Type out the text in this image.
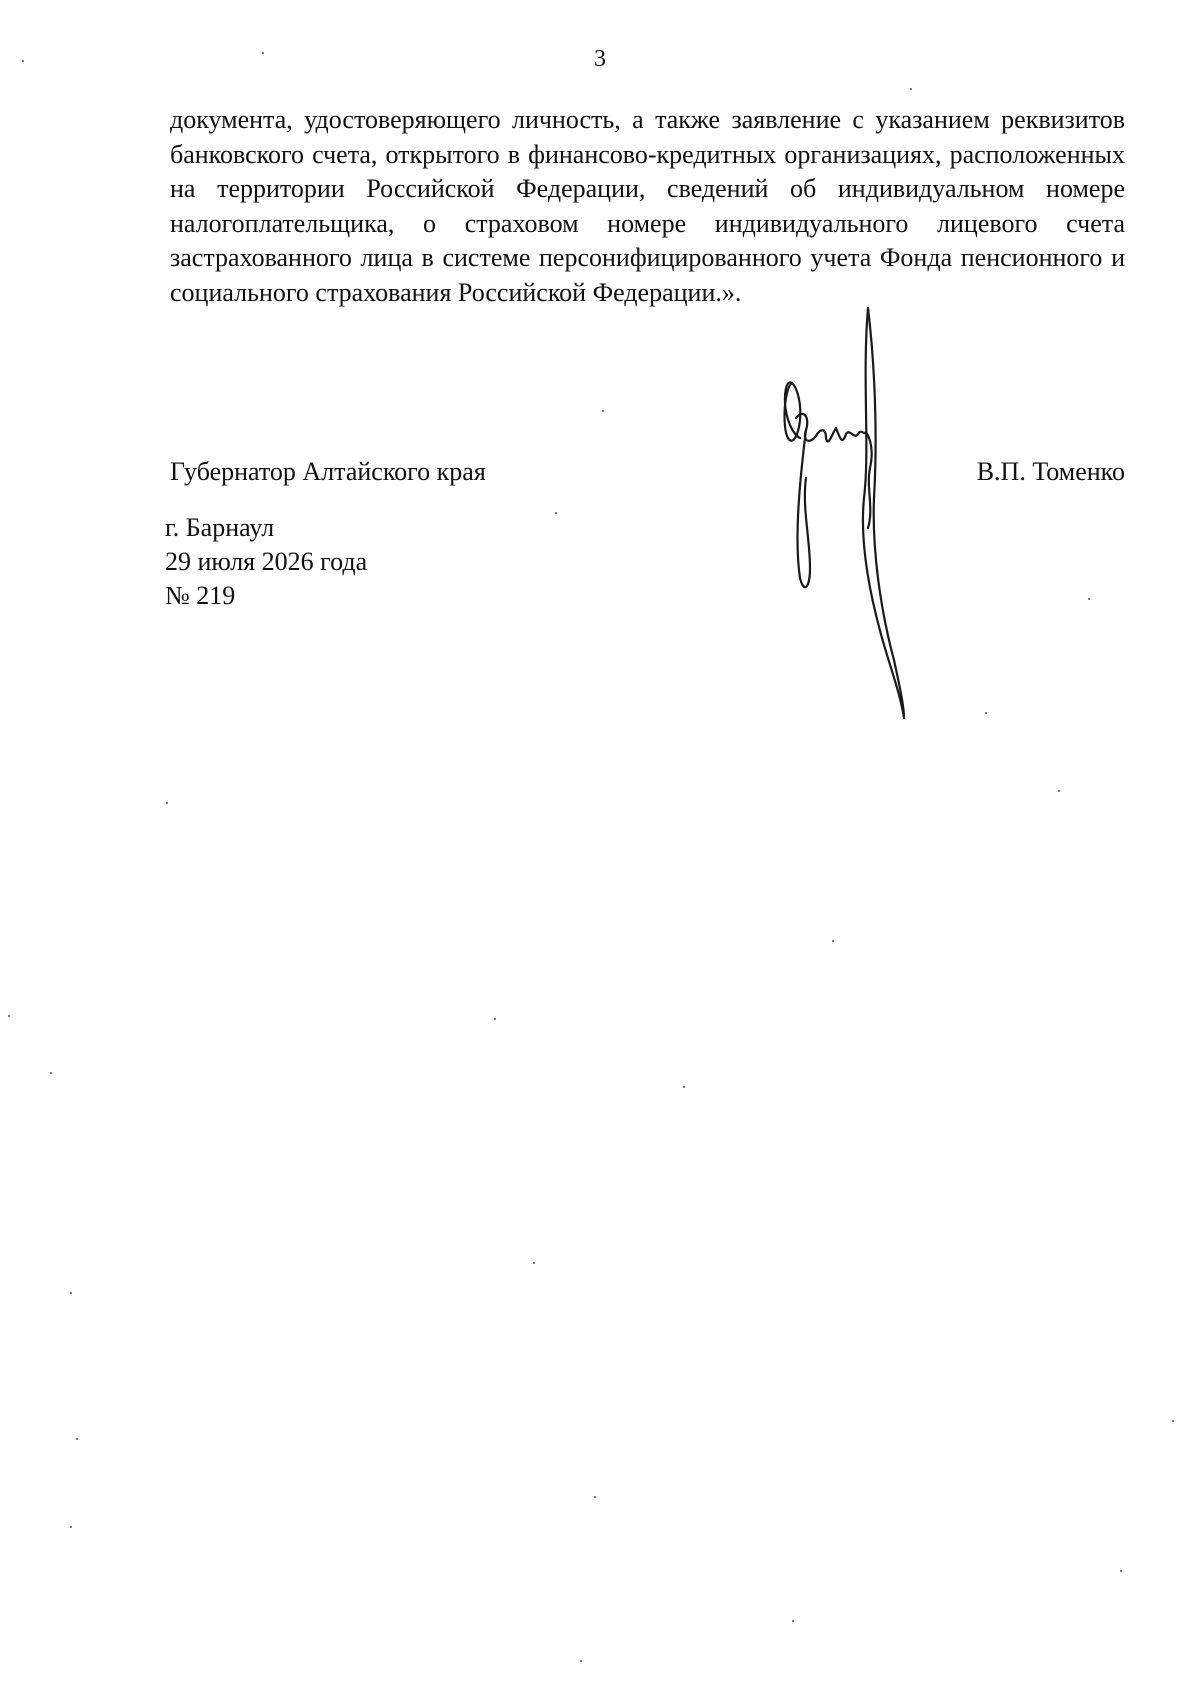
3

документа, удостоверяющего личность, а также заявление с указанием реквизитов банковского счета, открытого в финансово-кредитных организациях, расположенных на территории Российской Федерации, сведений об индивидуальном номере налогоплательщика, о страховом номере индивидуального лицевого счета застрахованного лица в системе персонифицированного учета Фонда пенсионного и социального страхования Российской Федерации.».

Губернатор Алтайского края	В.П. Томенко
г. Барнаул
29 июля 2026 года
№ 219
